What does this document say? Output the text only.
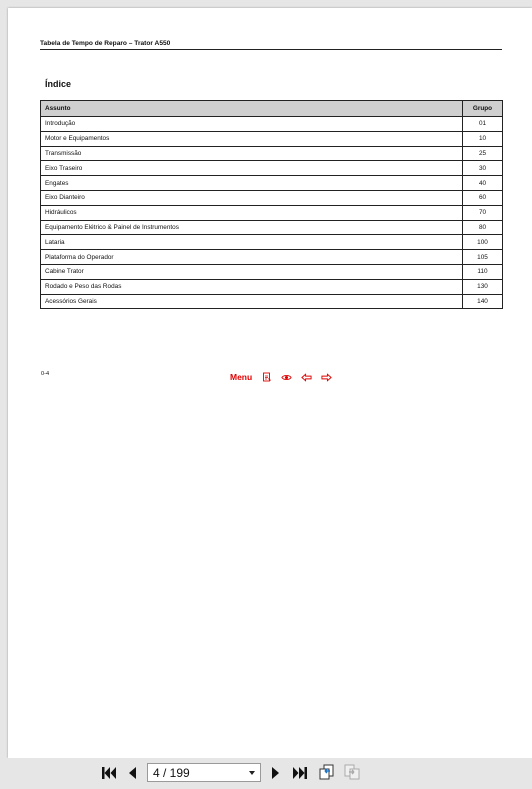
Tabela de Tempo de Reparo – Trator A550
Índice
Assunto	Grupo
Introdução	01
Motor e Equipamentos	10
Transmissão	25
Eixo Traseiro	30
Engates	40
Eixo Dianteiro	60
Hidráulicos	70
Equipamento Elétrico & Painel de Instrumentos	80
Lataria	100
Plataforma do Operador	105
Cabine Trator	110
Rodado e Peso das Rodas	130
Acessórios Gerais	140
0-4	Menu
4 / 199
